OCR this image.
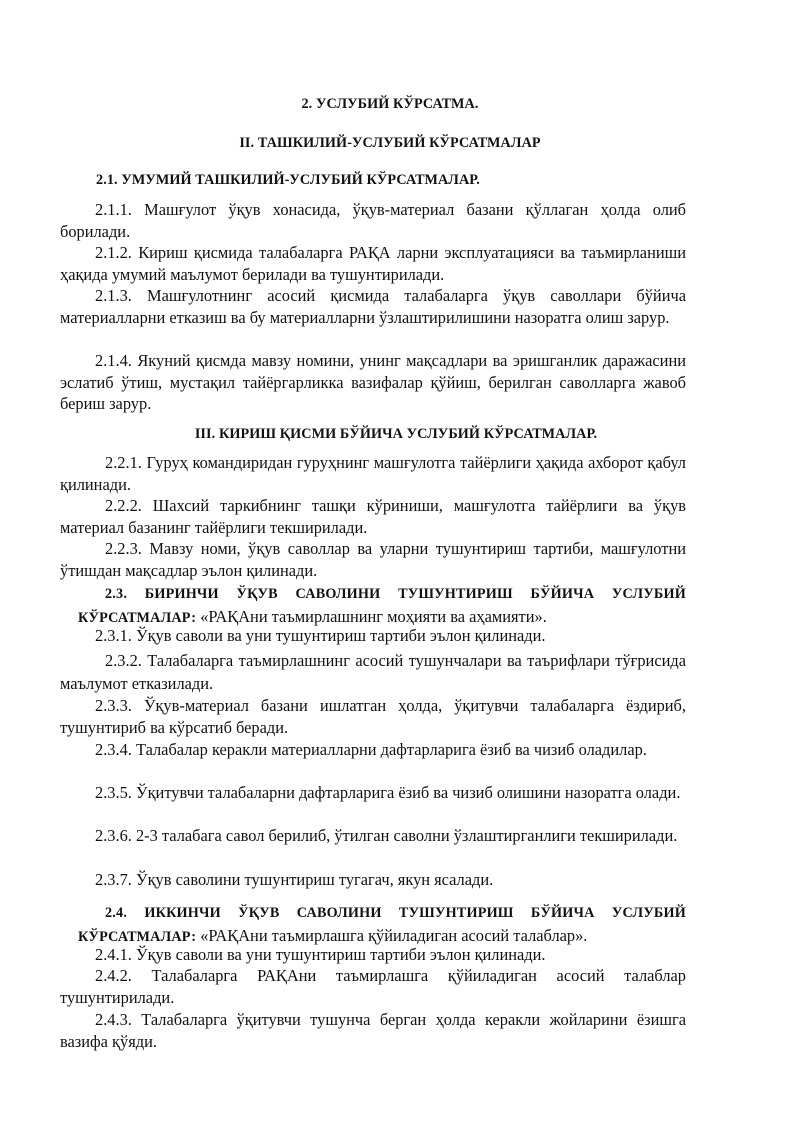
2. УСЛУБИЙ КЎРСАТМА.
II. ТАШКИЛИЙ-УСЛУБИЙ КЎРСАТМАЛАР
2.1. УМУМИЙ ТАШКИЛИЙ-УСЛУБИЙ КЎРСАТМАЛАР.
2.1.1. Машғулот ўқув хонасида, ўқув-материал базани қўллаган ҳолда олиб борилади.
2.1.2. Кириш қисмида талабаларга РАҚА ларни эксплуатацияси ва таъмирланиши ҳақида умумий маълумот берилади ва тушунтирилади.
2.1.3. Машғулотнинг асосий қисмида талабаларга ўқув саволлари бўйича материалларни етказиш ва бу материалларни ўзлаштирилишини назоратга олиш зарур.
2.1.4. Якуний қисмда мавзу номини, унинг мақсадлари ва эришганлик даражасини эслатиб ўтиш, мустақил тайёргарликка вазифалар қўйиш, берилган саволларга жавоб бериш зарур.
III. КИРИШ ҚИСМИ БЎЙИЧА УСЛУБИЙ КЎРСАТМАЛАР.
2.2.1. Гуруҳ командиридан гуруҳнинг машғулотга тайёрлиги ҳақида ахборот қабул қилинади.
2.2.2. Шахсий таркибнинг ташқи кўриниши, машғулотга тайёрлиги ва ўқув материал базанинг тайёрлиги текширилади.
2.2.3. Мавзу номи, ўқув саволлар ва уларни тушунтириш тартиби, машғулотни ўтишдан мақсадлар эълон қилинади.
2.3. БИРИНЧИ ЎҚУВ САВОЛИНИ ТУШУНТИРИШ БЎЙИЧА УСЛУБИЙ
КЎРСАТМАЛАР: «РАҚАни таъмирлашнинг моҳияти ва аҳамияти».
2.3.1. Ўқув саволи ва уни тушунтириш тартиби эълон қилинади.
2.3.2. Талабаларга таъмирлашнинг асосий тушунчалари ва таърифлари тўғрисида маълумот етказилади.
2.3.3. Ўқув-материал базани ишлатган ҳолда, ўқитувчи талабаларга ёздириб, тушунтириб ва кўрсатиб беради.
2.3.4. Талабалар керакли материалларни дафтарларига ёзиб ва чизиб оладилар.
2.3.5. Ўқитувчи талабаларни дафтарларига ёзиб ва чизиб олишини назоратга олади.
2.3.6. 2-3 талабага савол берилиб, ўтилган саволни ўзлаштирганлиги текширилади.
2.3.7. Ўқув саволини тушунтириш тугагач, якун ясалади.
2.4. ИККИНЧИ ЎҚУВ САВОЛИНИ ТУШУНТИРИШ БЎЙИЧА УСЛУБИЙ
КЎРСАТМАЛАР: «РАҚАни таъмирлашга қўйиладиган асосий талаблар».
2.4.1. Ўқув саволи ва уни тушунтириш тартиби эълон қилинади.
2.4.2. Талабаларга РАҚАни таъмирлашга қўйиладиган асосий талаблар тушунтирилади.
2.4.3. Талабаларга ўқитувчи тушунча берган ҳолда керакли жойларини ёзишга вазифа қўяди.
